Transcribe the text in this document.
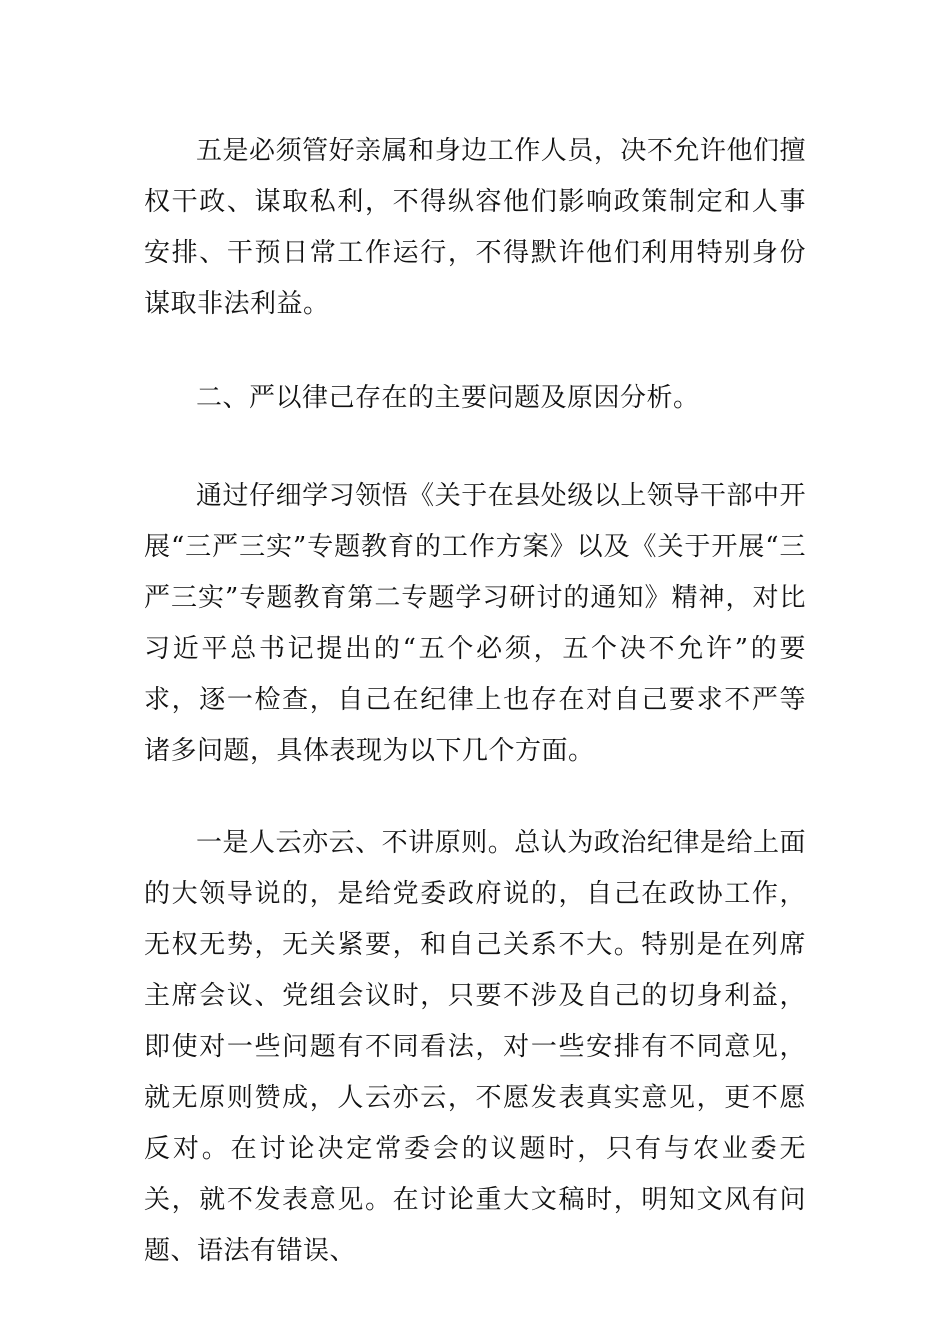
五是必须管好亲属和身边工作人员，决不允许他们擅权干政、谋取私利，不得纵容他们影响政策制定和人事安排、干预日常工作运行，不得默许他们利用特别身份谋取非法利益。

二、严以律己存在的主要问题及原因分析。

通过仔细学习领悟《关于在县处级以上领导干部中开展“三严三实”专题教育的工作方案》以及《关于开展“三严三实”专题教育第二专题学习研讨的通知》精神，对比习近平总书记提出的“五个必须，五个决不允许”的要求，逐一检查，自己在纪律上也存在对自己要求不严等诸多问题，具体表现为以下几个方面。

一是人云亦云、不讲原则。总认为政治纪律是给上面的大领导说的，是给党委政府说的，自己在政协工作，无权无势，无关紧要，和自己关系不大。特别是在列席主席会议、党组会议时，只要不涉及自己的切身利益，即使对一些问题有不同看法，对一些安排有不同意见，就无原则赞成，人云亦云，不愿发表真实意见，更不愿反对。在讨论决定常委会的议题时，只有与农业委无关，就不发表意见。在讨论重大文稿时，明知文风有问题、语法有错误、
